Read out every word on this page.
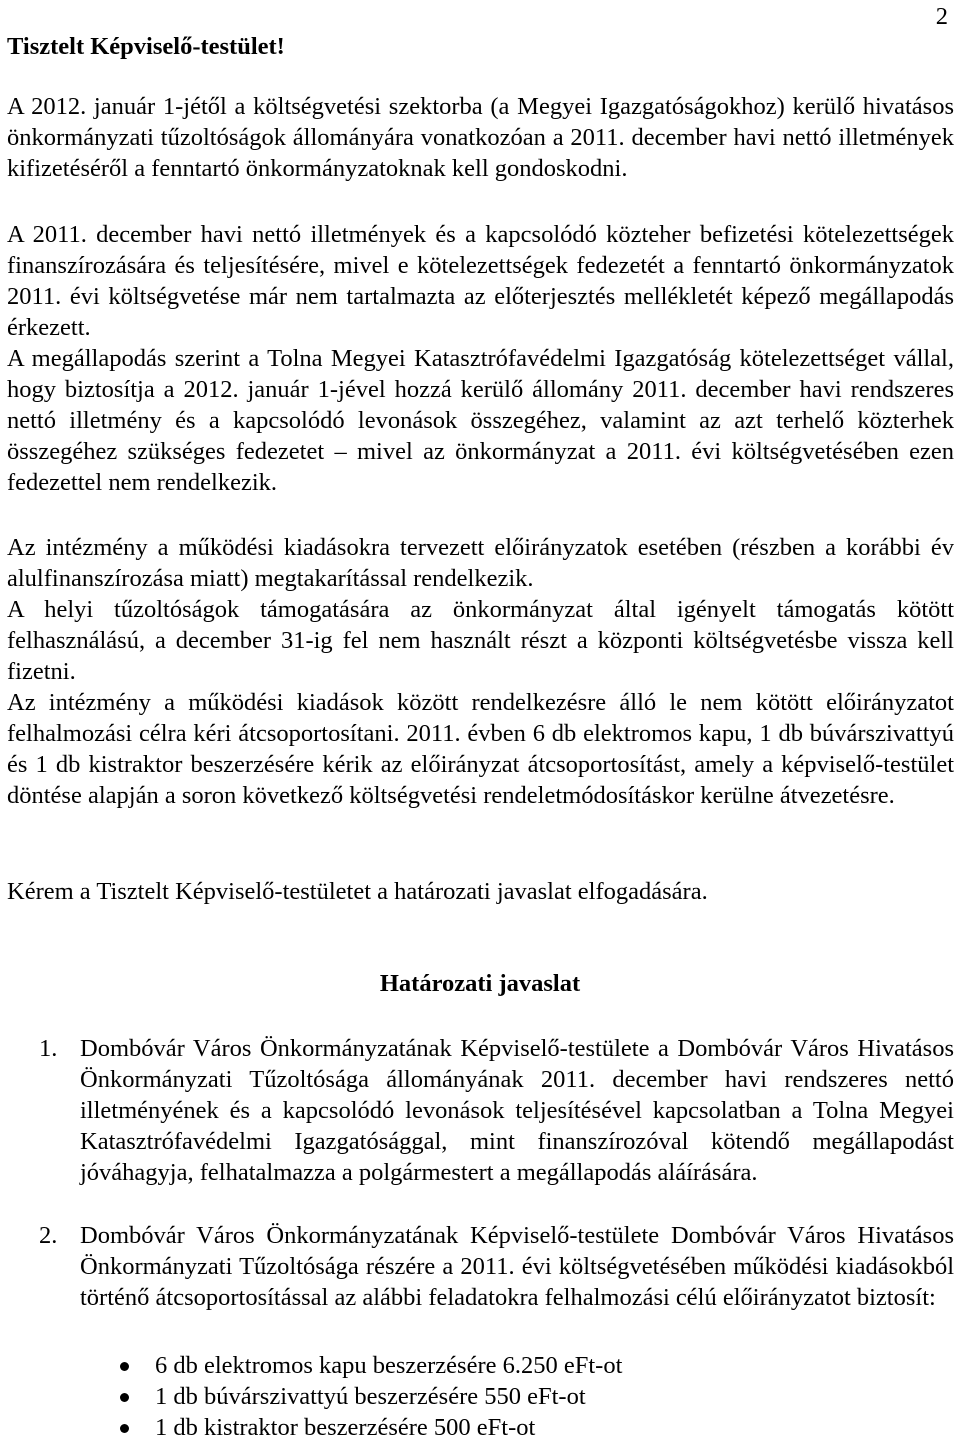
2
Tisztelt Képviselő-testület!

A 2012. január 1-jétől a költségvetési szektorba (a Megyei Igazgatóságokhoz) kerülő hivatásos önkormányzati tűzoltóságok állományára vonatkozóan a 2011. december havi nettó illetmények kifizetéséről a fenntartó önkormányzatoknak kell gondoskodni.

A 2011. december havi nettó illetmények és a kapcsolódó közteher befizetési kötelezettségek finanszírozására és teljesítésére, mivel e kötelezettségek fedezetét a fenntartó önkormányzatok 2011. évi költségvetése már nem tartalmazta az előterjesztés mellékletét képező megállapodás érkezett.

A megállapodás szerint a Tolna Megyei Katasztrófavédelmi Igazgatóság kötelezettséget vállal, hogy biztosítja a 2012. január 1-jével hozzá kerülő állomány 2011. december havi rendszeres nettó illetmény és a kapcsolódó levonások összegéhez, valamint az azt terhelő közterhek összegéhez szükséges fedezetet – mivel az önkormányzat a 2011. évi költségvetésében ezen fedezettel nem rendelkezik.

Az intézmény a működési kiadásokra tervezett előirányzatok esetében (részben a korábbi év alulfinanszírozása miatt) megtakarítással rendelkezik.

A helyi tűzoltóságok támogatására az önkormányzat által igényelt támogatás kötött felhasználású, a december 31-ig fel nem használt részt a központi költségvetésbe vissza kell fizetni.

Az intézmény a működési kiadások között rendelkezésre álló le nem kötött előirányzatot felhalmozási célra kéri átcsoportosítani. 2011. évben 6 db elektromos kapu, 1 db búvárszivattyú és 1 db kistraktor beszerzésére kérik az előirányzat átcsoportosítást, amely a képviselő-testület döntése alapján a soron következő költségvetési rendeletmódosításkor kerülne átvezetésre.

Kérem a Tisztelt Képviselő-testületet a határozati javaslat elfogadására.

Határozati javaslat
1. Dombóvár Város Önkormányzatának Képviselő-testülete a Dombóvár Város Hivatásos Önkormányzati Tűzoltósága állományának 2011. december havi rendszeres nettó illetményének és a kapcsolódó levonások teljesítésével kapcsolatban a Tolna Megyei Katasztrófavédelmi Igazgatósággal, mint finanszírozóval kötendő megállapodást jóváhagyja, felhatalmazza a polgármestert a megállapodás aláírására.

2. Dombóvár Város Önkormányzatának Képviselő-testülete Dombóvár Város Hivatásos Önkormányzati Tűzoltósága részére a 2011. évi költségvetésében működési kiadásokból történő átcsoportosítással az alábbi feladatokra felhalmozási célú előirányzatot biztosít:

6 db elektromos kapu beszerzésére 6.250 eFt-ot
1 db búvárszivattyú beszerzésére 550 eFt-ot
1 db kistraktor beszerzésére 500 eFt-ot
